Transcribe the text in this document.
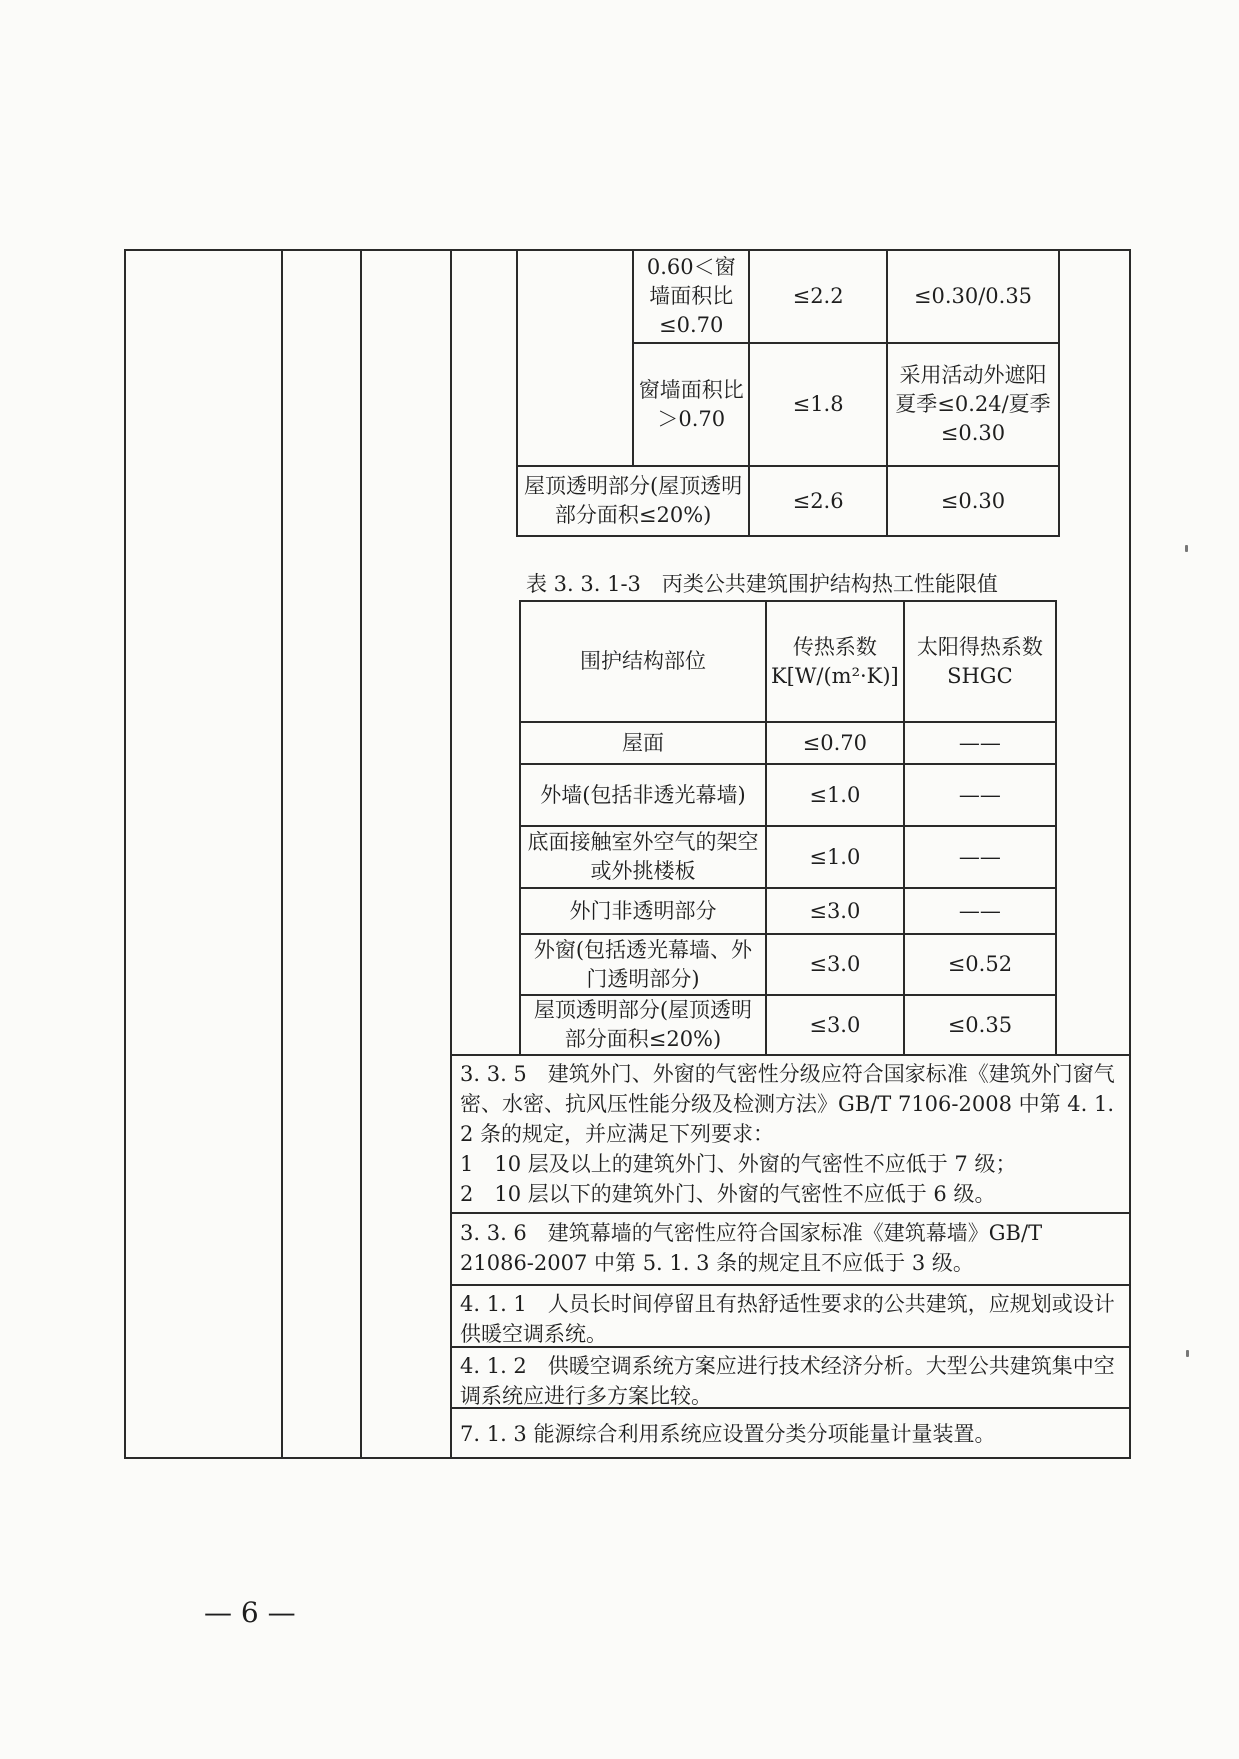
	0.60＜窗墙面积比≤0.70	≤2.2	≤0.30/0.35
	窗墙面积比＞0.70	≤1.8	采用活动外遮阳夏季≤0.24/夏季≤0.30
屋顶透明部分(屋顶透明部分面积≤20%)		≤2.6	≤0.30
表 3. 3. 1-3　丙类公共建筑围护结构热工性能限值
围护结构部位	传热系数K[W/(m²·K)]	太阳得热系数 SHGC
屋面	≤0.70	——
外墙(包括非透光幕墙)	≤1.0	——
底面接触室外空气的架空或外挑楼板	≤1.0	——
外门非透明部分	≤3.0	——
外窗(包括透光幕墙、外门透明部分)	≤3.0	≤0.52
屋顶透明部分(屋顶透明部分面积≤20%)	≤3.0	≤0.35
3. 3. 5　建筑外门、外窗的气密性分级应符合国家标准《建筑外门窗气密、水密、抗风压性能分级及检测方法》GB/T 7106-2008 中第 4. 1. 2 条的规定，并应满足下列要求：
1　10 层及以上的建筑外门、外窗的气密性不应低于 7 级；
2　10 层以下的建筑外门、外窗的气密性不应低于 6 级。
3. 3. 6　建筑幕墙的气密性应符合国家标准《建筑幕墙》GB/T 21086-2007 中第 5. 1. 3 条的规定且不应低于 3 级。
4. 1. 1　人员长时间停留且有热舒适性要求的公共建筑，应规划或设计供暖空调系统。
4. 1. 2　供暖空调系统方案应进行技术经济分析。大型公共建筑集中空调系统应进行多方案比较。
7. 1. 3 能源综合利用系统应设置分类分项能量计量装置。
— 6 —
